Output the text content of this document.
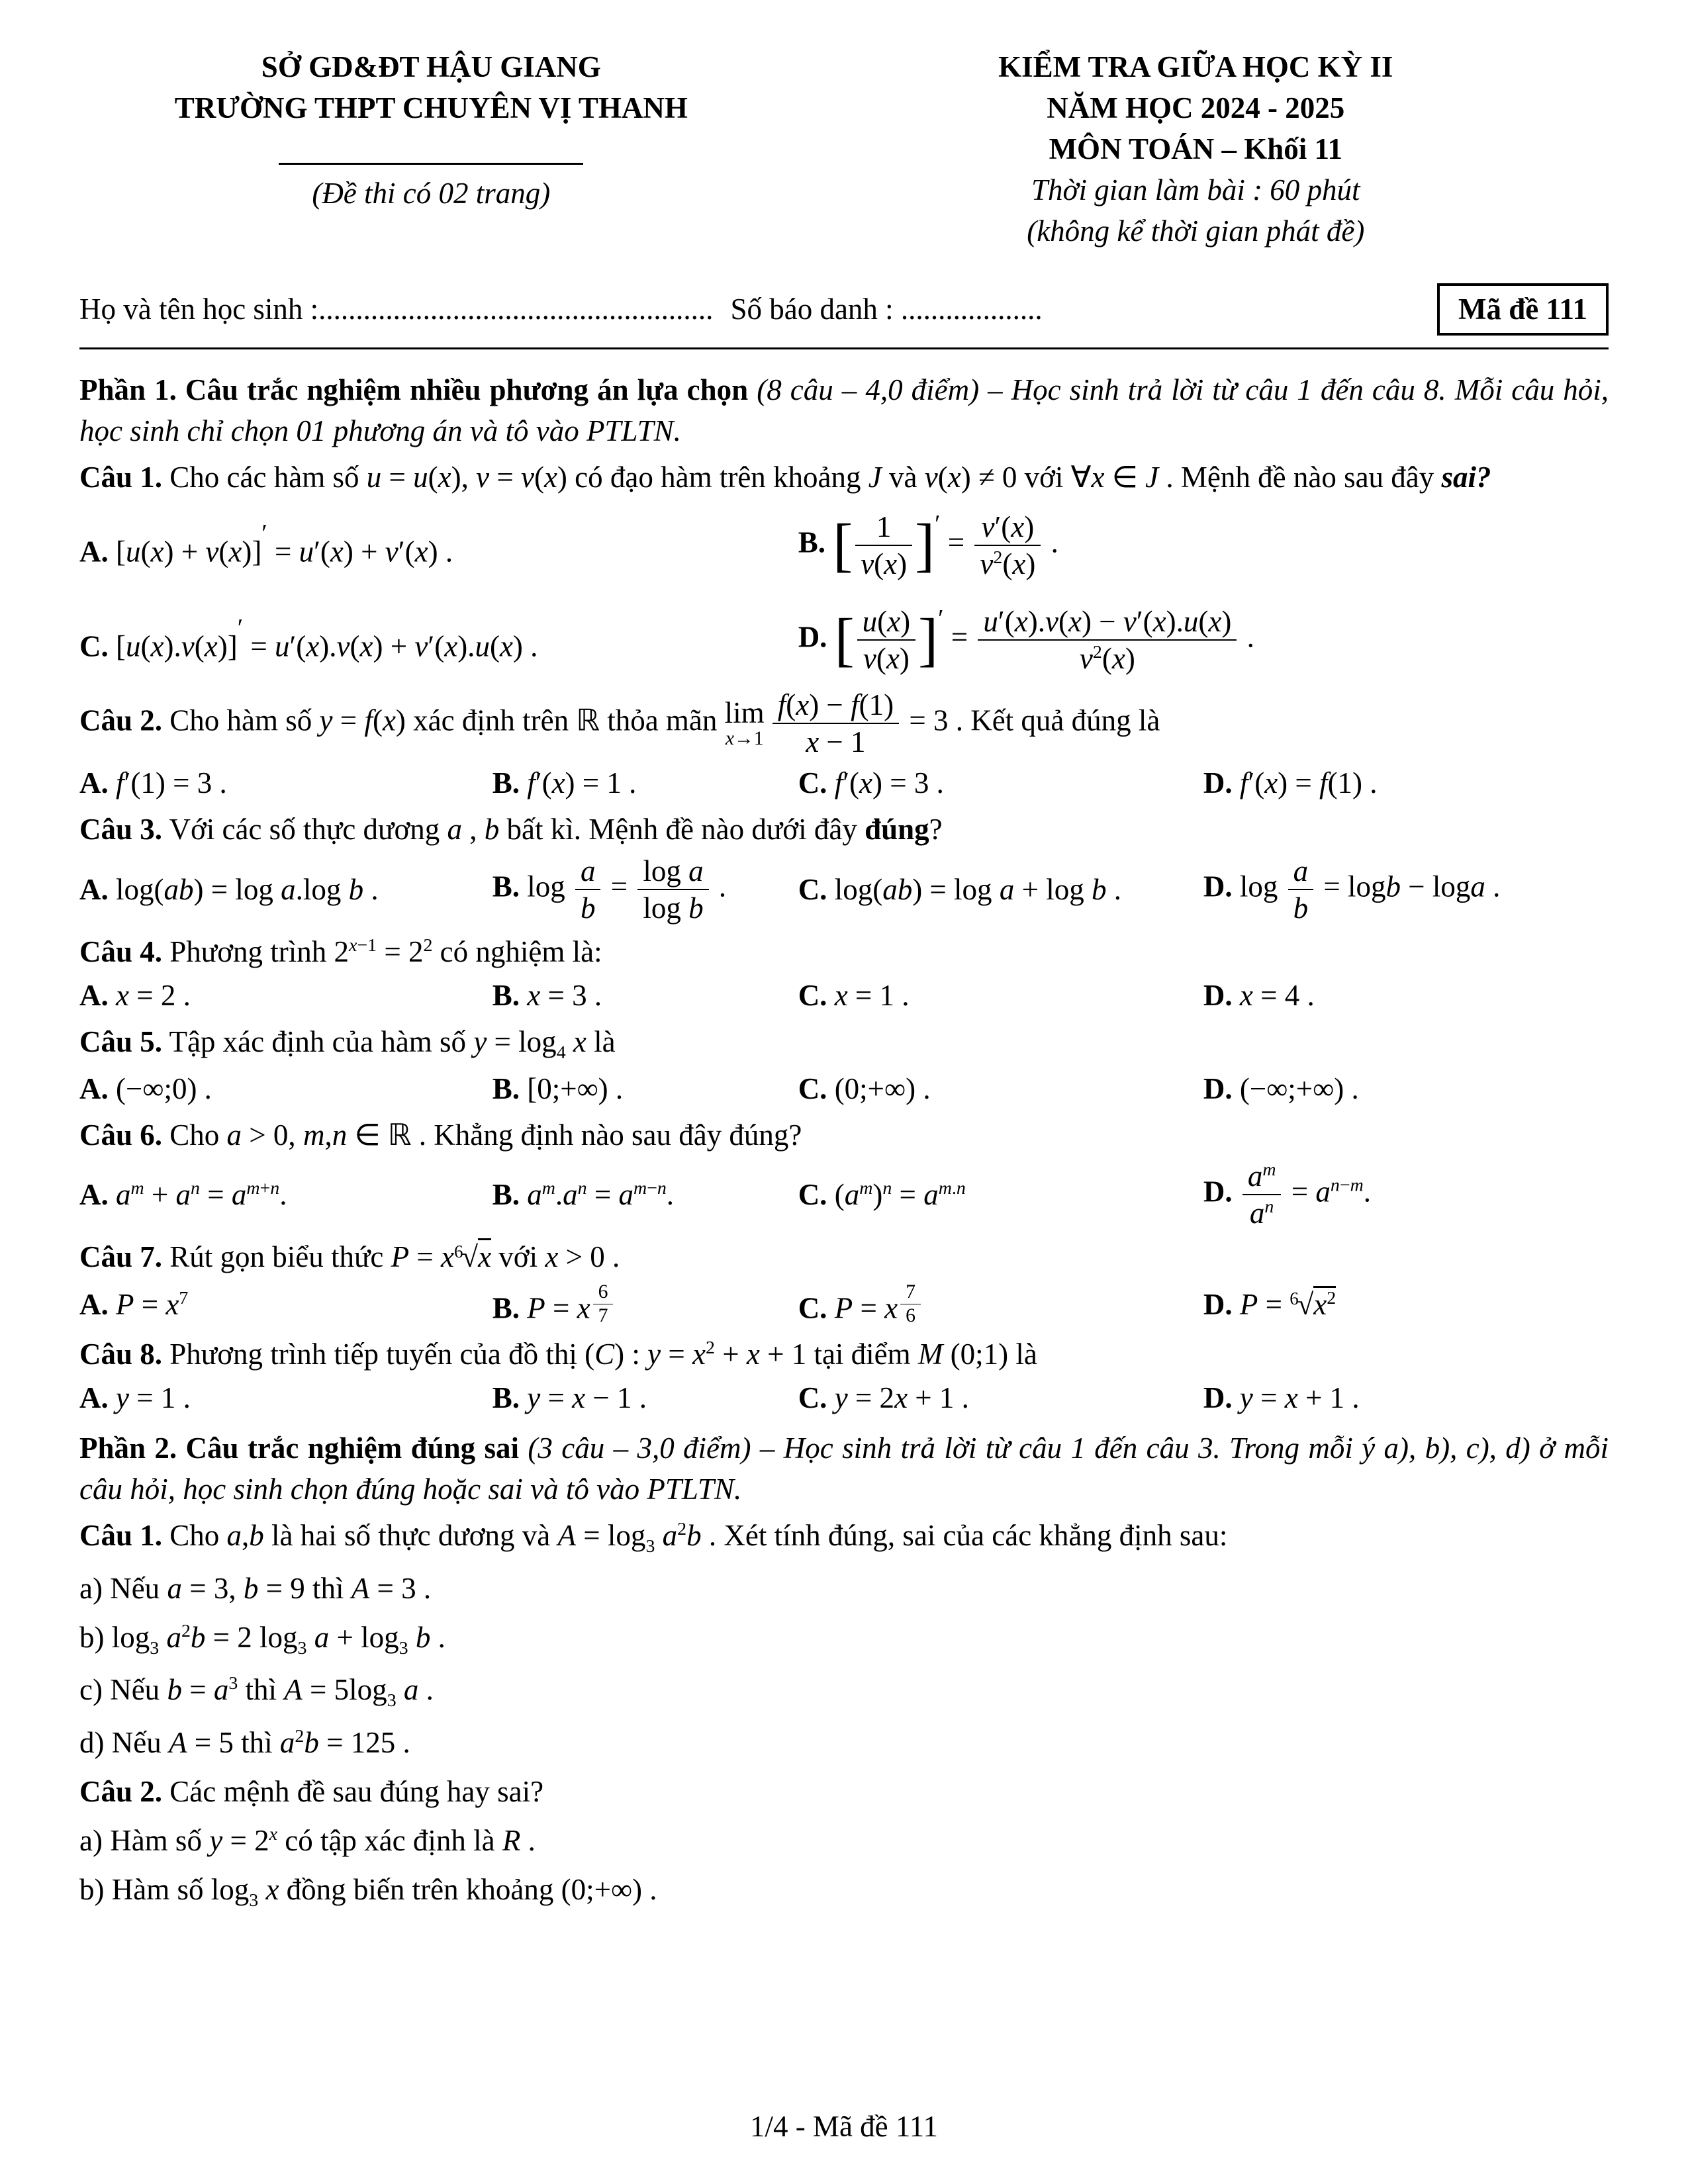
SỞ GD&ĐT HẬU GIANG
TRƯỜNG THPT CHUYÊN VỊ THANH
(Đề thi có 02 trang)
KIỂM TRA GIỮA HỌC KỲ II
NĂM HỌC 2024 - 2025
MÔN TOÁN – Khối 11
Thời gian làm bài : 60 phút
(không kể thời gian phát đề)
Họ và tên học sinh :..................................................... Số báo danh : ...................	Mã đề 111

Phần 1. Câu trắc nghiệm nhiều phương án lựa chọn (8 câu – 4,0 điểm) – Học sinh trả lời từ câu 1 đến câu 8. Mỗi câu hỏi, học sinh chỉ chọn 01 phương án và tô vào PTLTN.

Câu 1. Cho các hàm số u = u(x), v = v(x) có đạo hàm trên khoảng J và v(x) ≠ 0 với ∀x ∈ J . Mệnh đề nào sau đây sai?

A. [u(x) + v(x)]′ = u′(x) + v′(x) .	B. [ $\frac{1}{v(x)} ]' = \frac{v'(x)}{v^2(x)}$ .
C. [u(x).v(x)]′ = u′(x).v(x) + v′(x).u(x) .	D. [ $\frac{u(x)}{v(x)} ]' = \frac{u'(x).v(x) - v'(x).u(x)}{v^2(x)}$ .

Câu 2. Cho hàm số y = f(x) xác định trên ℝ thỏa mãn lim
$x\to 1 \frac{f(x) - f(1)}{x - 1} = 3$ . Kết quả đúng là

A. f′(1) = 3 .	B. f′(x) = 1 .	C. f′(x) = 3 .	D. f′(x) = f(1) .

Câu 3. Với các số thực dương a , b bất kì. Mệnh đề nào dưới đây đúng?

A. log(ab) = log a.log b .	B. $\log \frac{a}{b} = \frac{\text{log a}}{\text{log b}}$ .	C. log(ab) = log a + log b .	D. $\log \frac{a}{b} = \log b - \log a$ .

Câu 4. Phương trình $2^{x-1} = 2^2$ có nghiệm là:

A. x = 2 .	B. x = 3 .	C. x = 1 .	D. x = 4 .

Câu 5. Tập xác định của hàm số $y = \log_4 x$ là

A. (−∞;0) .	B. [0;+∞) .	C. (0;+∞) .	D. (−∞;+∞) .

Câu 6. Cho a > 0, m,n ∈ ℝ . Khẳng định nào sau đây đúng?

A. $a^m + a^n = a^{m+n}$.	B. $a^m.a^n = a^{m-n}$.	C. $(a^m)^n = a^{m.n}$	D. $\frac{a^m}{a^n} = a^{n-m}$.

Câu 7. Rút gọn biểu thức $P = x^6√x$ với x > 0 .

A. $P = x^7$	B. P = x $^{\frac{6}{7}}$	C. P = x $^{\frac{7}{6}}$	D. $P = ^6√x^2$

Câu 8. Phương trình tiếp tuyến của đồ thị (C) : $y = x^2 + x + 1$ tại điểm M (0;1) là

A. y = 1 .	B. y = x − 1 .	C. y = 2x + 1 .	D. y = x + 1 .

Phần 2. Câu trắc nghiệm đúng sai (3 câu – 3,0 điểm) – Học sinh trả lời từ câu 1 đến câu 3. Trong mỗi ý a), b), c), d) ở mỗi câu hỏi, học sinh chọn đúng hoặc sai và tô vào PTLTN.

Câu 1. Cho a,b là hai số thực dương và $A = \log_3 a^2b$ . Xét tính đúng, sai của các khẳng định sau:

a) Nếu a = 3, b = 9 thì A = 3 .

b) $\log_3 a^2b = 2$ $\log_3 a + \log_3 b$ .

c) Nếu $b = a^3$ thì $A = 5\log_3$ a .

d) Nếu A = 5 thì $a^2b = 125$ .

Câu 2. Các mệnh đề sau đúng hay sai?

a) Hàm số $y = 2^x$ có tập xác định là R .

b) Hàm số $\log_3 x$ đồng biến trên khoảng (0;+∞) .

1/4 - Mã đề 111
